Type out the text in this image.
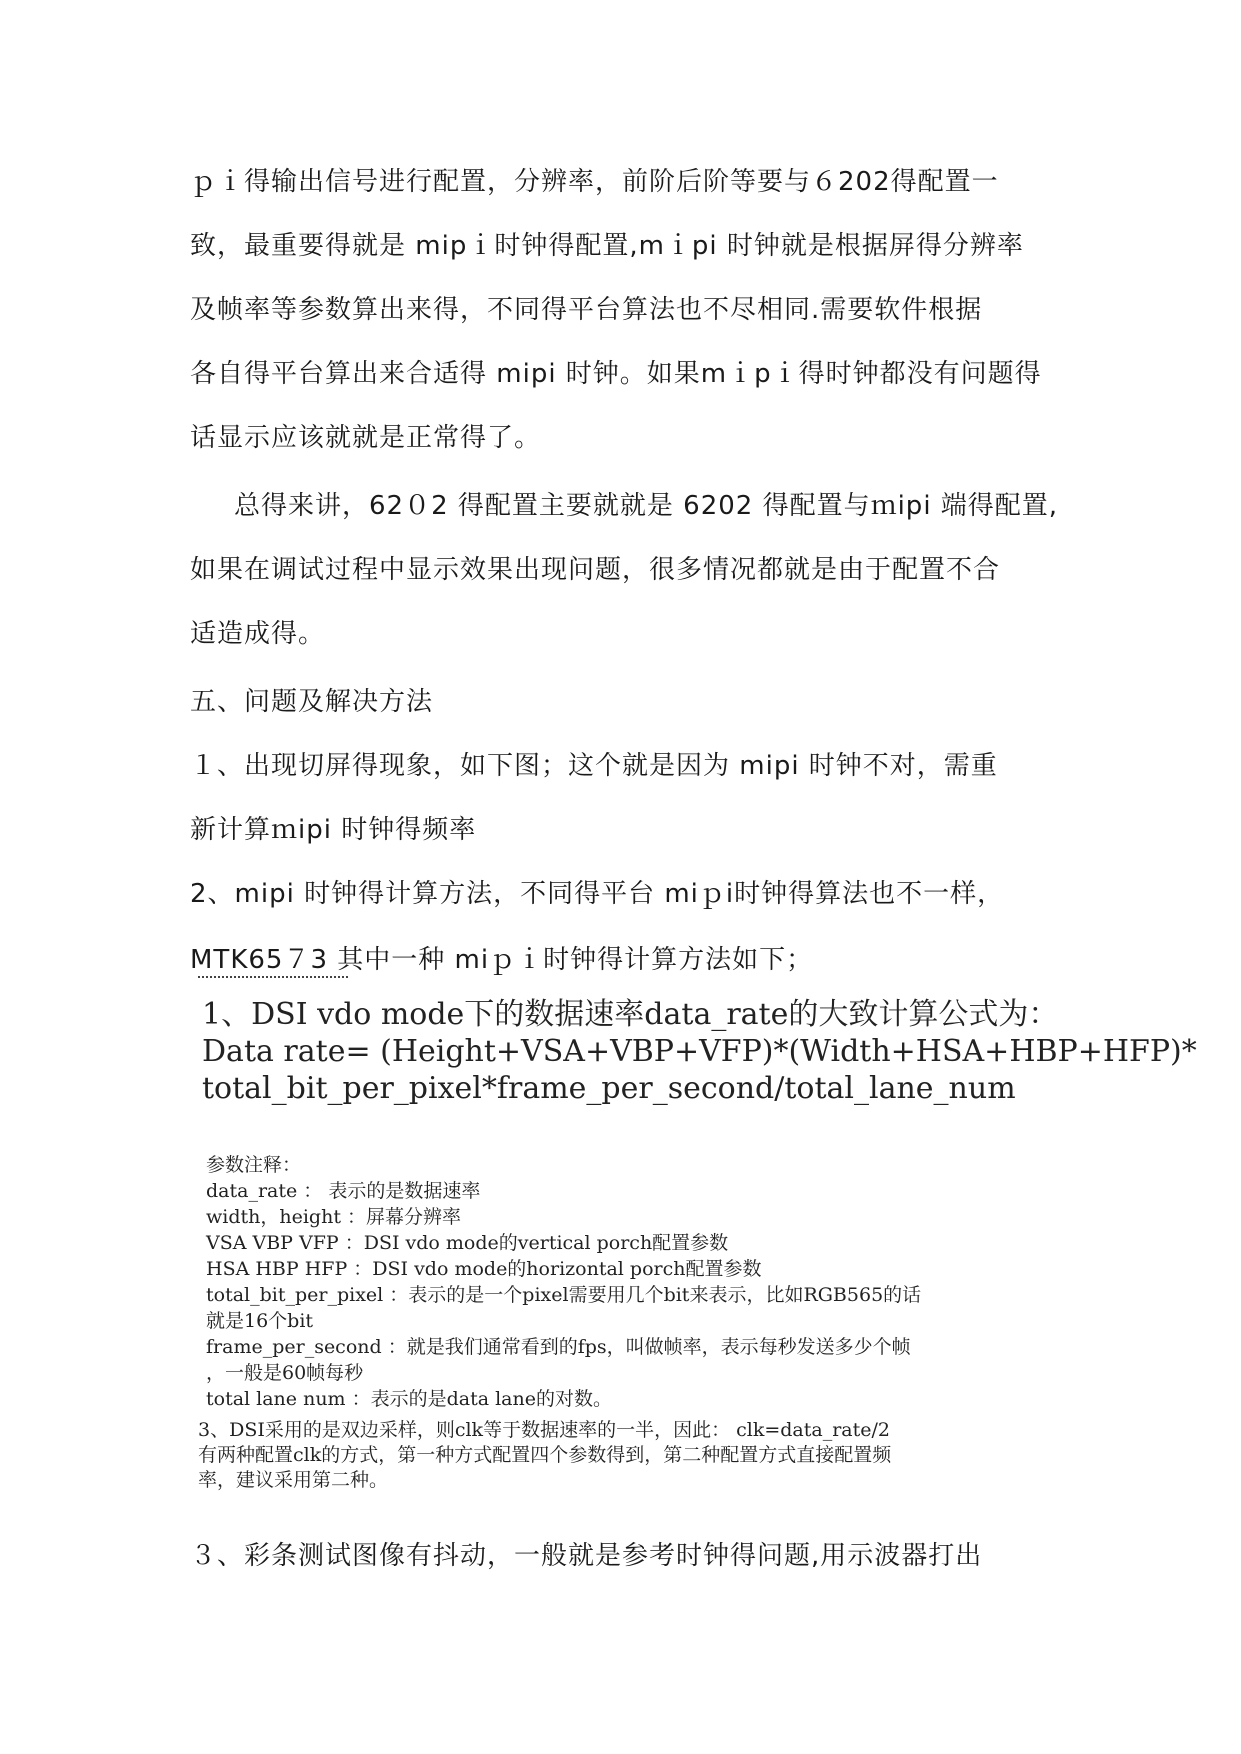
ｐｉ得输出信号进行配置，分辨率，前阶后阶等要与６202得配置一
致，最重要得就是 mipｉ时钟得配置,mｉpi 时钟就是根据屏得分辨率
及帧率等参数算出来得，不同得平台算法也不尽相同.需要软件根据
各自得平台算出来合适得 mipi 时钟。如果mｉpｉ得时钟都没有问题得
话显示应该就就是正常得了。
总得来讲，62０2 得配置主要就就是 6202 得配置与ｍipi 端得配置,
如果在调试过程中显示效果出现问题，很多情况都就是由于配置不合
适造成得。
五、问题及解决方法
１、出现切屏得现象，如下图；这个就是因为 mipi 时钟不对，需重
新计算ｍipi 时钟得频率
2、mipi 时钟得计算方法，不同得平台 miｐi时钟得算法也不一样，
MTK65７3 其中一种 miｐｉ时钟得计算方法如下；
1、DSI vdo mode下的数据速率data_rate的大致计算公式为：
Data rate= (Height+VSA+VBP+VFP)*(Width+HSA+HBP+HFP)*
total_bit_per_pixel*frame_per_second/total_lane_num
参数注释：
data_rate ： 表示的是数据速率
width，height ：屏幕分辨率
VSA VBP VFP ：DSI vdo mode的vertical porch配置参数
HSA HBP HFP ：DSI vdo mode的horizontal porch配置参数
total_bit_per_pixel ：表示的是一个pixel需要用几个bit来表示，比如RGB565的话
就是16个bit
frame_per_second ：就是我们通常看到的fps，叫做帧率，表示每秒发送多少个帧
，一般是60帧每秒
total lane num ：表示的是data lane的对数。
3、DSI采用的是双边采样，则clk等于数据速率的一半，因此： clk=data_rate/2
有两种配置clk的方式，第一种方式配置四个参数得到，第二种配置方式直接配置频
率，建议采用第二种。
３、彩条测试图像有抖动，一般就是参考时钟得问题,用示波器打出
